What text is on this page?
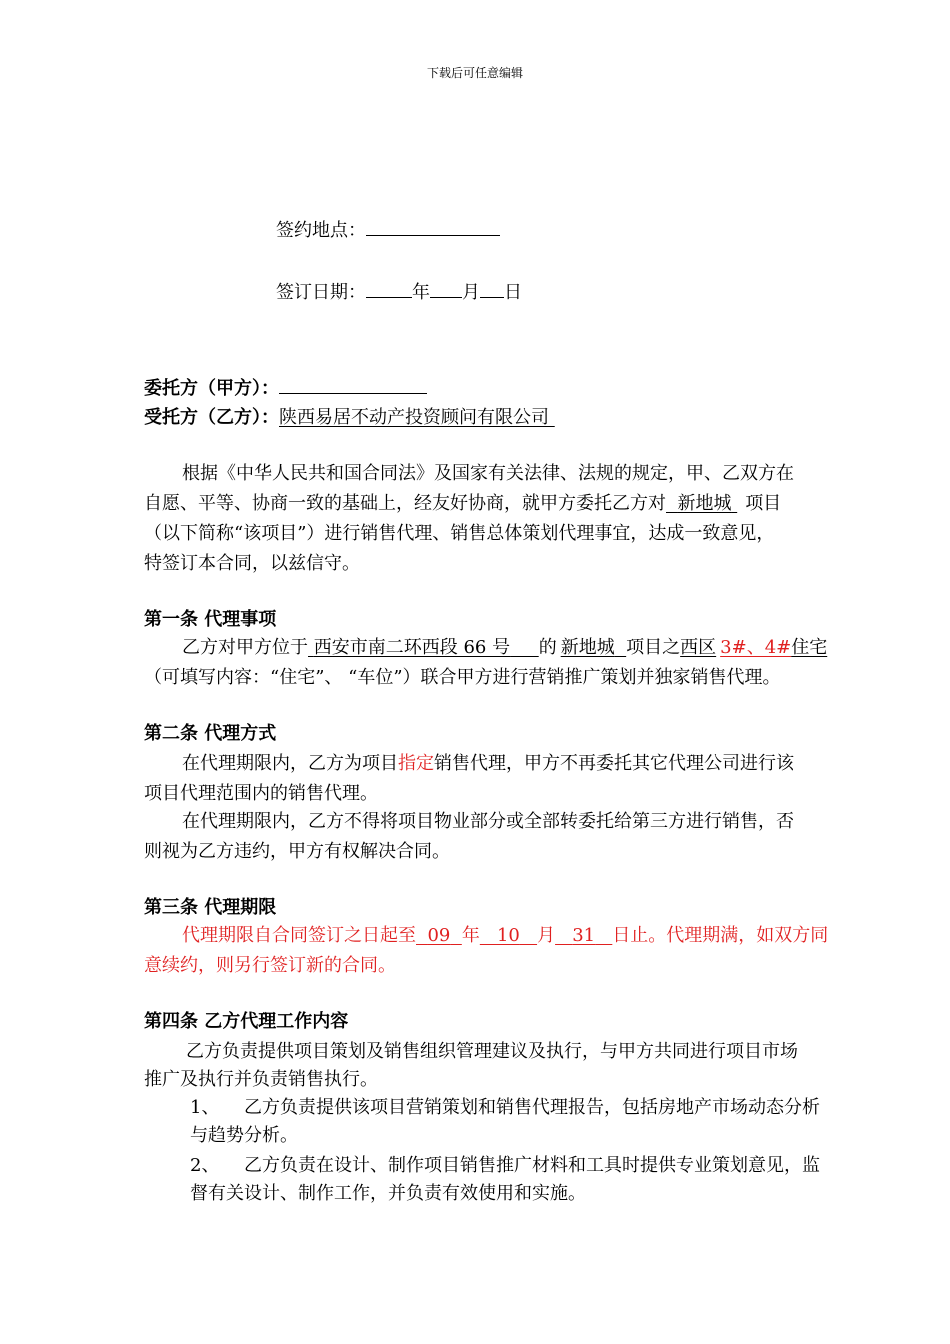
下载后可任意编辑
签约地点：
签订日期：	年 月 日
委托方（甲方）：
受托方（乙方）：陕西易居不动产投资顾问有限公司
根据《中华人民共和国合同法》及国家有关法律、法规的规定，甲、乙双方在
自愿、平等、协商一致的基础上，经友好协商，就甲方委托乙方对 新地城 项目
（以下简称“该项目”）进行销售代理、销售总体策划代理事宜，达成一致意见，
特签订本合同，以兹信守。
第一条 代理事项
乙方对甲方位于 西安市南二环西段 66 号 的 新地城 项目之西区 3#、4#住宅
（可填写内容：“住宅”、 “车位”）联合甲方进行营销推广策划并独家销售代理。
第二条 代理方式
在代理期限内，乙方为项目指定销售代理，甲方不再委托其它代理公司进行该
项目代理范围内的销售代理。
在代理期限内，乙方不得将项目物业部分或全部转委托给第三方进行销售，否
则视为乙方违约，甲方有权解决合同。
第三条 代理期限
代理期限自合同签订之日起至 09 年 10 月 31 日止。代理期满，如双方同
意续约，则另行签订新的合同。
第四条 乙方代理工作内容
乙方负责提供项目策划及销售组织管理建议及执行，与甲方共同进行项目市场
推广及执行并负责销售执行。
1、 乙方负责提供该项目营销策划和销售代理报告，包括房地产市场动态分析
与趋势分析。
2、 乙方负责在设计、制作项目销售推广材料和工具时提供专业策划意见，监
督有关设计、制作工作，并负责有效使用和实施。
